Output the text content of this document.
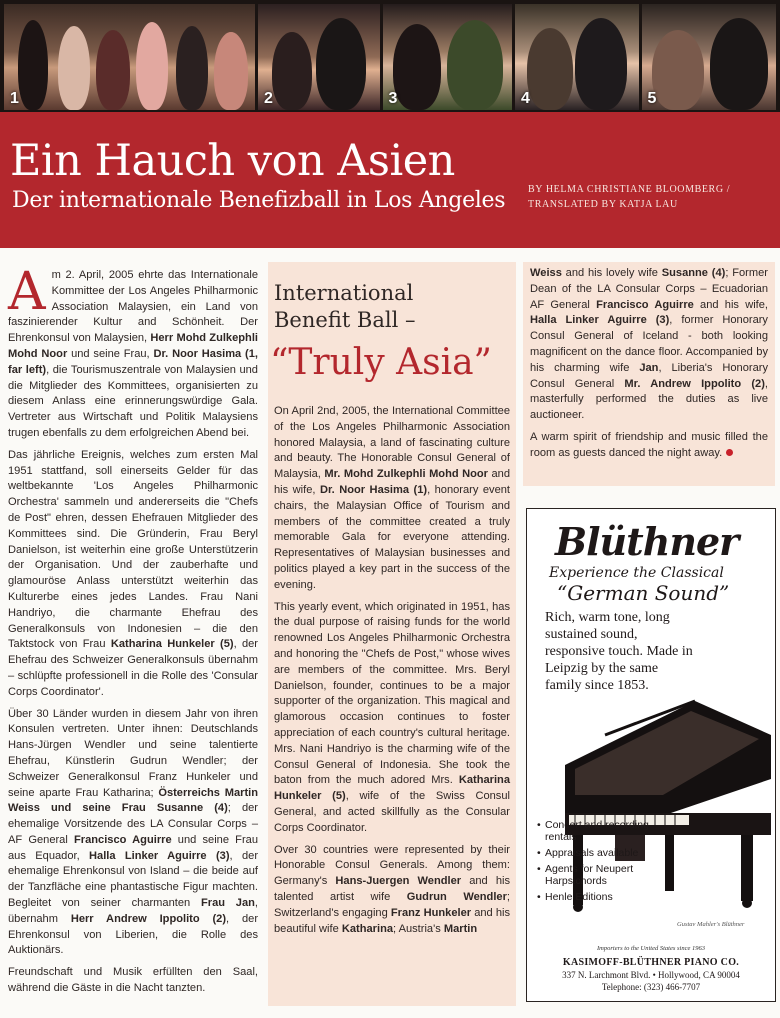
1	2	3	4	5
Ein Hauch von Asien
Der internationale Benefizball in Los Angeles BY HELMA CHRISTIANE BLOOMBERG /
TRANSLATED BY KATJA LAU
A m 2. April, 2005 ehrte das Internationale Kommittee der Los Angeles Philharmonic Association Malaysien, ein Land von faszinierender Kultur and Schönheit. Der Ehrenkonsul von Malaysien, Herr Mohd Zulkephli Mohd Noor und seine Frau, Dr. Noor Hasima (1, far left), die Tourismuszentrale von Malaysien und die Mitglieder des Kommittees, organisierten zu diesem Anlass eine erinnerungswürdige Gala. Vertreter aus Wirtschaft und Politik Malaysiens trugen ebenfalls zu dem erfolgreichen Abend bei.

Das jährliche Ereignis, welches zum ersten Mal 1951 stattfand, soll einerseits Gelder für das weltbekannte 'Los Angeles Philharmonic Orchestra' sammeln und andererseits die "Chefs de Post" ehren, dessen Ehefrauen Mitglieder des Kommittees sind. Die Gründerin, Frau Beryl Danielson, ist weiterhin eine große Unterstützerin der Organisation. Und der zauberhafte und glamouröse Anlass unterstützt weiterhin das Kulturerbe eines jedes Landes. Frau Nani Handriyo, die charmante Ehefrau des Generalkonsuls von Indonesien – die den Taktstock von Frau Katharina Hunkeler (5), der Ehefrau des Schweizer Generalkonsuls übernahm – schlüpfte professionell in die Rolle des 'Consular Corps Coordinator'.

Über 30 Länder wurden in diesem Jahr von ihren Konsulen vertreten. Unter ihnen: Deutschlands Hans-Jürgen Wendler und seine talentierte Ehefrau, Künstlerin Gudrun Wendler; der Schweizer Generalkonsul Franz Hunkeler und seine aparte Frau Katharina; Österreichs Martin Weiss und seine Frau Susanne (4); der ehemalige Vorsitzende des LA Consular Corps – AF General Francisco Aguirre und seine Frau aus Equador, Halla Linker Aguirre (3), der ehemalige Ehrenkonsul von Island – die beide auf der Tanzfläche eine phantastische Figur machten. Begleitet von seiner charmanten Frau Jan, übernahm Herr Andrew Ippolito (2), der Ehrenkonsul von Liberien, die Rolle des Auktionärs.

Freundschaft und Musik erfüllten den Saal, während die Gäste in die Nacht tanzten.

International
Benefit Ball –
“Truly Asia”

On April 2nd, 2005, the International Committee of the Los Angeles Philharmonic Association honored Malaysia, a land of fascinating culture and beauty. The Honorable Consul General of Malaysia, Mr. Mohd Zulkephli Mohd Noor and his wife, Dr. Noor Hasima (1), honorary event chairs, the Malaysian Office of Tourism and members of the committee created a truly memorable Gala for everyone attending. Representatives of Malaysian businesses and politics played a key part in the success of the evening.

This yearly event, which originated in 1951, has the dual purpose of raising funds for the world renowned Los Angeles Philharmonic Orchestra and honoring the "Chefs de Post," whose wives are members of the committee. Mrs. Beryl Danielson, founder, continues to be a major supporter of the organization. This magical and glamorous occasion continues to foster appreciation of each country's cultural heritage. Mrs. Nani Handriyo is the charming wife of the Consul General of Indonesia. She took the baton from the much adored Mrs. Katharina Hunkeler (5), wife of the Swiss Consul General, and acted skillfully as the Consular Corps Coordinator.

Over 30 countries were represented by their Honorable Consul Generals. Among them: Germany's Hans-Juergen Wendler and his talented artist wife Gudrun Wendler; Switzerland's engaging Franz Hunkeler and his beautiful wife Katharina; Austria's Martin

Weiss and his lovely wife Susanne (4); Former Dean of the LA Consular Corps – Ecuadorian AF General Francisco Aguirre and his wife, Halla Linker Aguirre (3), former Honorary Consul General of Iceland - both looking magnificent on the dance floor. Accompanied by his charming wife Jan, Liberia's Honorary Consul General Mr. Andrew Ippolito (2), masterfully performed the duties as live auctioneer.

A warm spirit of friendship and music filled the room as guests danced the night away.

Blüthner
Experience the Classical
“German Sound”
Rich, warm tone, long sustained sound, responsive touch. Made in Leipzig by the same family since 1853.
• Concert and recording rentals
• Appraisals available
• Agents for Neupert Harpsichords
• Henle Editions
Gustav Mahler's Blüthner
Importers to the United States since 1963
KASIMOFF-BLÜTHNER PIANO CO.
337 N. Larchmont Blvd. • Hollywood, CA 90004
Telephone: (323) 466-7707
